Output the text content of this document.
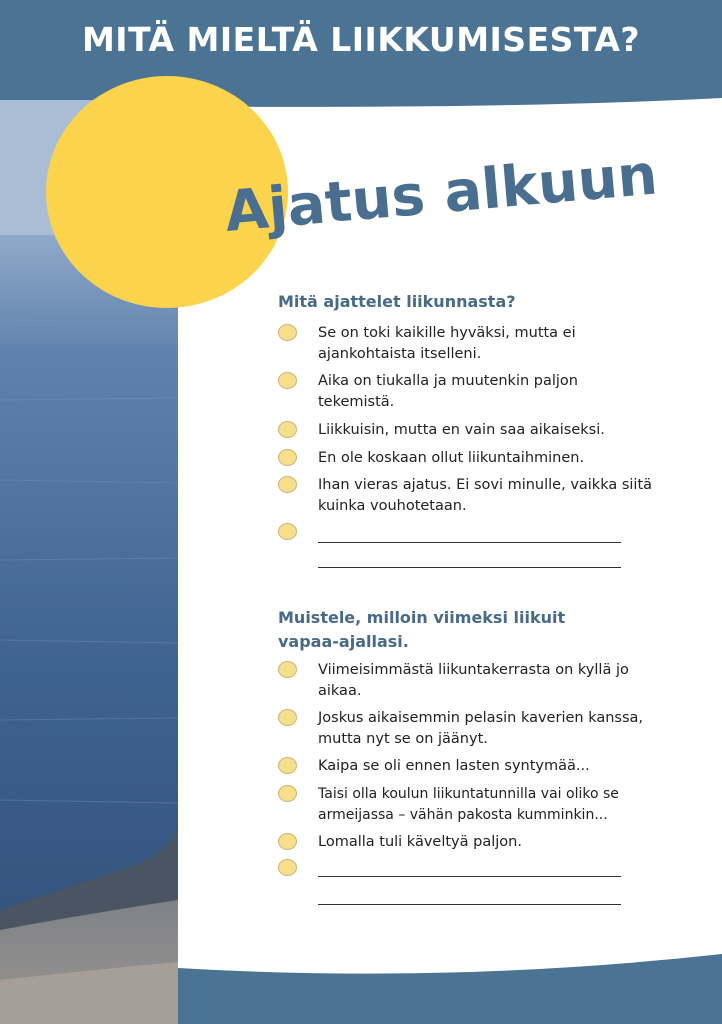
MITÄ MIELTÄ LIIKKUMISESTA?
Ajatus alkuun
Mitä ajattelet liikunnasta?
Se on toki kaikille hyväksi, mutta ei ajankohtaista itselleni.
Aika on tiukalla ja muutenkin paljon tekemistä.
Liikkuisin, mutta en vain saa aikaiseksi.
En ole koskaan ollut liikuntaihminen.
Ihan vieras ajatus. Ei sovi minulle, vaikka siitä kuinka vouhotetaan.
Muistele, milloin viimeksi liikuit vapaa-ajallasi.
Viimeisimmästä liikuntakerrasta on kyllä jo aikaa.
Joskus aikaisemmin pelasin kaverien kanssa, mutta nyt se on jäänyt.
Kaipa se oli ennen lasten syntymää...
Taisi olla koulun liikuntatunnilla vai oliko se armeijassa – vähän pakosta kumminkin...
Lomalla tuli käveltyä paljon.
